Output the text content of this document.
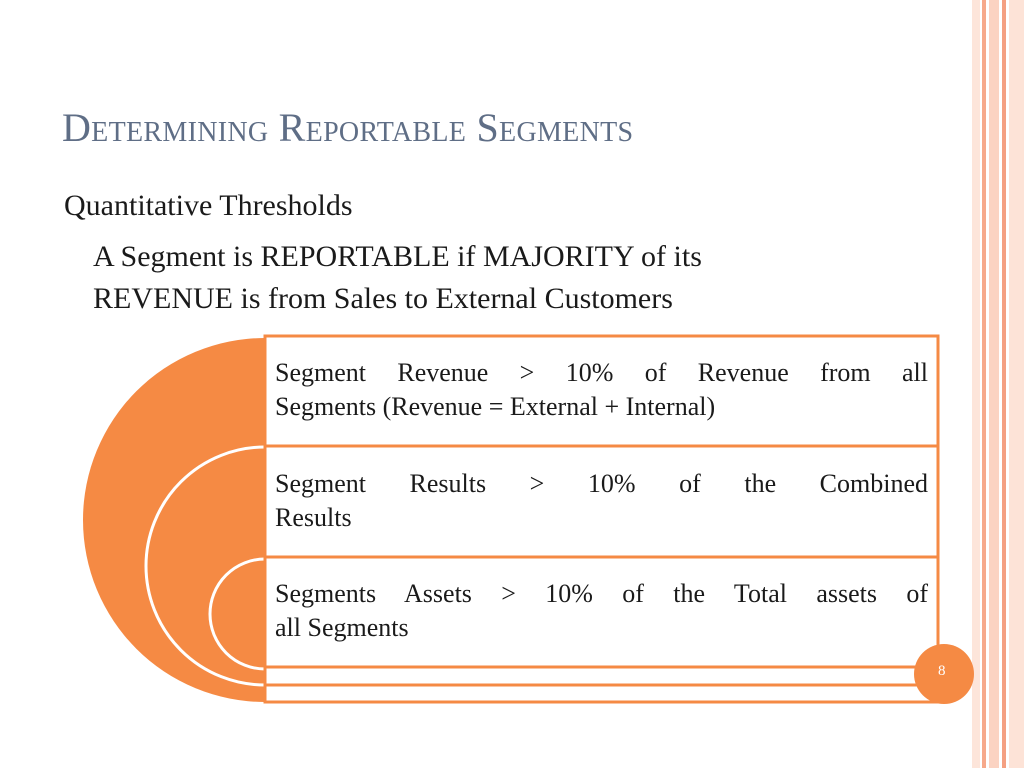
Determining Reportable Segments
Quantitative Thresholds
A Segment is REPORTABLE if MAJORITY of its
REVENUE is from Sales to External Customers
Segment Revenue > 10% of Revenue from all
Segments (Revenue = External + Internal)
Segment Results > 10% of the Combined
Results
Segments Assets > 10% of the Total assets of
all Segments
8
